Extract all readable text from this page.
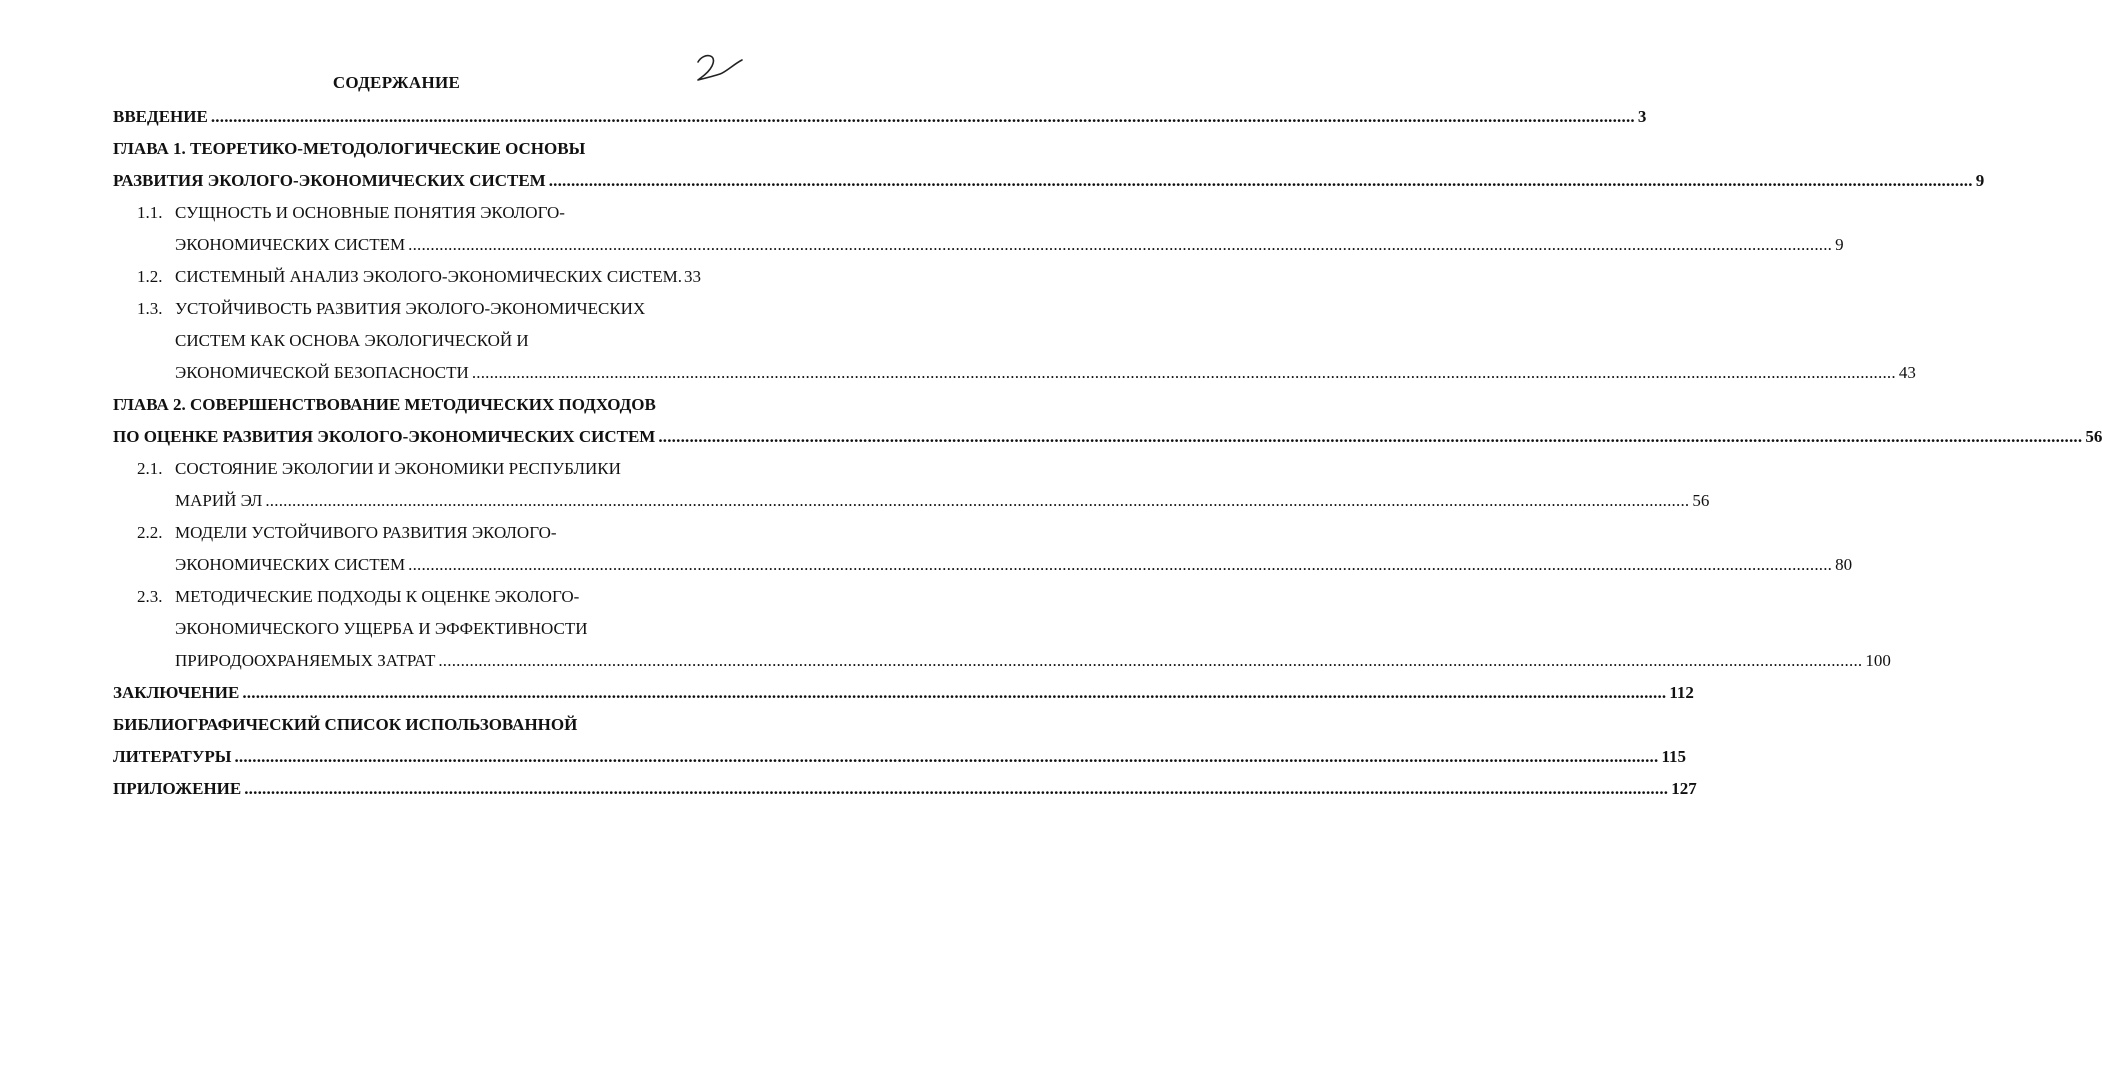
СОДЕРЖАНИЕ
ВВЕДЕНИЕ .....	3
ГЛАВА 1. ТЕОРЕТИКО-МЕТОДОЛОГИЧЕСКИЕ ОСНОВЫ
РАЗВИТИЯ ЭКОЛОГО-ЭКОНОМИЧЕСКИХ СИСТЕМ .....	9
1.1. СУЩНОСТЬ И ОСНОВНЫЕ ПОНЯТИЯ ЭКОЛОГО-
ЭКОНОМИЧЕСКИХ СИСТЕМ .....	9
1.2. СИСТЕМНЫЙ АНАЛИЗ ЭКОЛОГО-ЭКОНОМИЧЕСКИХ СИСТЕМ. 33
1.3. УСТОЙЧИВОСТЬ РАЗВИТИЯ ЭКОЛОГО-ЭКОНОМИЧЕСКИХ
СИСТЕМ КАК ОСНОВА ЭКОЛОГИЧЕСКОЙ И
ЭКОНОМИЧЕСКОЙ БЕЗОПАСНОСТИ .....	43
ГЛАВА 2. СОВЕРШЕНСТВОВАНИЕ МЕТОДИЧЕСКИХ ПОДХОДОВ
ПО ОЦЕНКЕ РАЗВИТИЯ ЭКОЛОГО-ЭКОНОМИЧЕСКИХ СИСТЕМ .....	56
2.1. СОСТОЯНИЕ ЭКОЛОГИИ И ЭКОНОМИКИ РЕСПУБЛИКИ
МАРИЙ ЭЛ .....	56
2.2. МОДЕЛИ УСТОЙЧИВОГО РАЗВИТИЯ ЭКОЛОГО-
ЭКОНОМИЧЕСКИХ СИСТЕМ .....	80
2.3. МЕТОДИЧЕСКИЕ ПОДХОДЫ К ОЦЕНКЕ ЭКОЛОГО-
ЭКОНОМИЧЕСКОГО УЩЕРБА И ЭФФЕКТИВНОСТИ
ПРИРОДООХРАНЯЕМЫХ ЗАТРАТ .....	100
ЗАКЛЮЧЕНИЕ .....	112
БИБЛИОГРАФИЧЕСКИЙ СПИСОК ИСПОЛЬЗОВАННОЙ
ЛИТЕРАТУРЫ .....	115
ПРИЛОЖЕНИЕ .....	127
